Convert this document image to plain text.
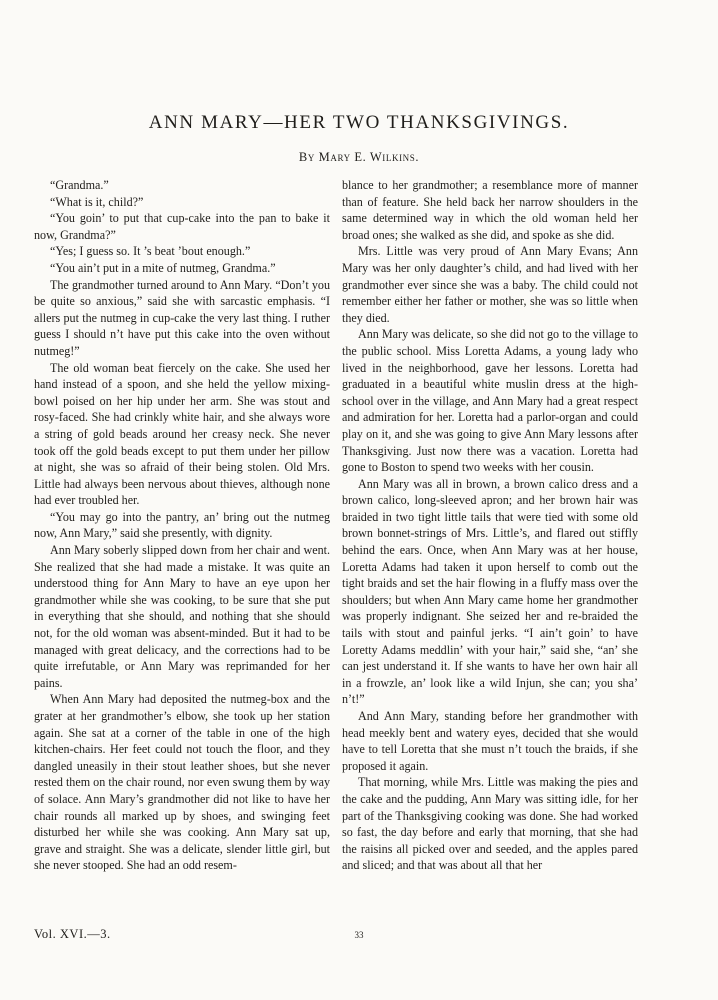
ANN MARY—HER TWO THANKSGIVINGS.
By Mary E. Wilkins.

“Grandma.”

“What is it, child?”

“You goin’ to put that cup-cake into the pan to bake it now, Grandma?”

“Yes; I guess so. It ’s beat ’bout enough.”

“You ain’t put in a mite of nutmeg, Grandma.”

The grandmother turned around to Ann Mary. “Don’t you be quite so anxious,” said she with sarcastic emphasis. “I allers put the nutmeg in cup-cake the very last thing. I ruther guess I should n’t have put this cake into the oven without nutmeg!”

The old woman beat fiercely on the cake. She used her hand instead of a spoon, and she held the yellow mixing-bowl poised on her hip under her arm. She was stout and rosy-faced. She had crinkly white hair, and she always wore a string of gold beads around her creasy neck. She never took off the gold beads except to put them under her pillow at night, she was so afraid of their being stolen. Old Mrs. Little had always been nervous about thieves, although none had ever troubled her.

“You may go into the pantry, an’ bring out the nutmeg now, Ann Mary,” said she presently, with dignity.

Ann Mary soberly slipped down from her chair and went. She realized that she had made a mistake. It was quite an understood thing for Ann Mary to have an eye upon her grandmother while she was cooking, to be sure that she put in everything that she should, and nothing that she should not, for the old woman was absent-minded. But it had to be managed with great delicacy, and the corrections had to be quite irrefutable, or Ann Mary was reprimanded for her pains.

When Ann Mary had deposited the nutmeg-box and the grater at her grandmother’s elbow, she took up her station again. She sat at a corner of the table in one of the high kitchen-chairs. Her feet could not touch the floor, and they dangled uneasily in their stout leather shoes, but she never rested them on the chair round, nor even swung them by way of solace. Ann Mary’s grandmother did not like to have her chair rounds all marked up by shoes, and swinging feet disturbed her while she was cooking. Ann Mary sat up, grave and straight. She was a delicate, slender little girl, but she never stooped. She had an odd resem-

blance to her grandmother; a resemblance more of manner than of feature. She held back her narrow shoulders in the same determined way in which the old woman held her broad ones; she walked as she did, and spoke as she did.

Mrs. Little was very proud of Ann Mary Evans; Ann Mary was her only daughter’s child, and had lived with her grandmother ever since she was a baby. The child could not remember either her father or mother, she was so little when they died.

Ann Mary was delicate, so she did not go to the village to the public school. Miss Loretta Adams, a young lady who lived in the neighborhood, gave her lessons. Loretta had graduated in a beautiful white muslin dress at the high-school over in the village, and Ann Mary had a great respect and admiration for her. Loretta had a parlor-organ and could play on it, and she was going to give Ann Mary lessons after Thanksgiving. Just now there was a vacation. Loretta had gone to Boston to spend two weeks with her cousin.

Ann Mary was all in brown, a brown calico dress and a brown calico, long-sleeved apron; and her brown hair was braided in two tight little tails that were tied with some old brown bonnet-strings of Mrs. Little’s, and flared out stiffly behind the ears. Once, when Ann Mary was at her house, Loretta Adams had taken it upon herself to comb out the tight braids and set the hair flowing in a fluffy mass over the shoulders; but when Ann Mary came home her grandmother was properly indignant. She seized her and re-braided the tails with stout and painful jerks. “I ain’t goin’ to have Loretty Adams meddlin’ with your hair,” said she, “an’ she can jest understand it. If she wants to have her own hair all in a frowzle, an’ look like a wild Injun, she can; you sha’ n’t!”

And Ann Mary, standing before her grandmother with head meekly bent and watery eyes, decided that she would have to tell Loretta that she must n’t touch the braids, if she proposed it again.

That morning, while Mrs. Little was making the pies and the cake and the pudding, Ann Mary was sitting idle, for her part of the Thanksgiving cooking was done. She had worked so fast, the day before and early that morning, that she had the raisins all picked over and seeded, and the apples pared and sliced; and that was about all that her

Vol. XVI.—3.	33
